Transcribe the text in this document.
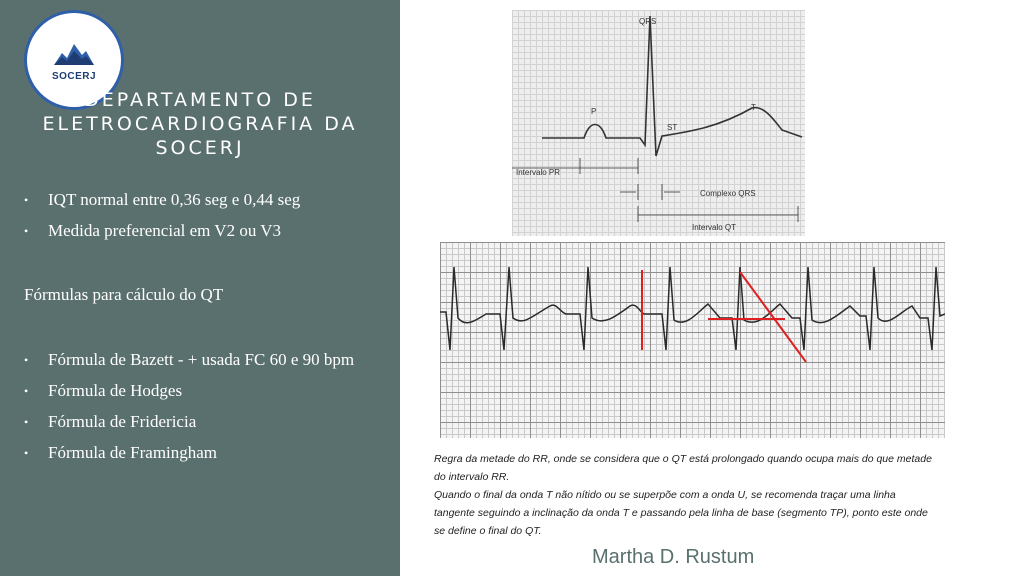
SOCERJ
DEPARTAMENTO DE ELETROCARDIOGRAFIA DA SOCERJ
• IQT normal entre 0,36 seg e 0,44 seg
• Medida preferencial em V2 ou V3
Fórmulas para cálculo do QT
• Fórmula de Bazett - + usada FC 60 e 90 bpm
• Fórmula de Hodges
• Fórmula de Fridericia
• Fórmula de Framingham
QRS
P
ST
T
Intervalo PR
Complexo QRS
Intervalo QT

Regra da metade do RR, onde se considera que o QT está prolongado quando ocupa mais do que metade
do intervalo RR.
Quando o final da onda T não nítido ou se superpõe com a onda U, se recomenda traçar uma linha
tangente seguindo a inclinação da onda T e passando pela linha de base (segmento TP), ponto este onde
se define o final do QT.

Martha D. Rustum
